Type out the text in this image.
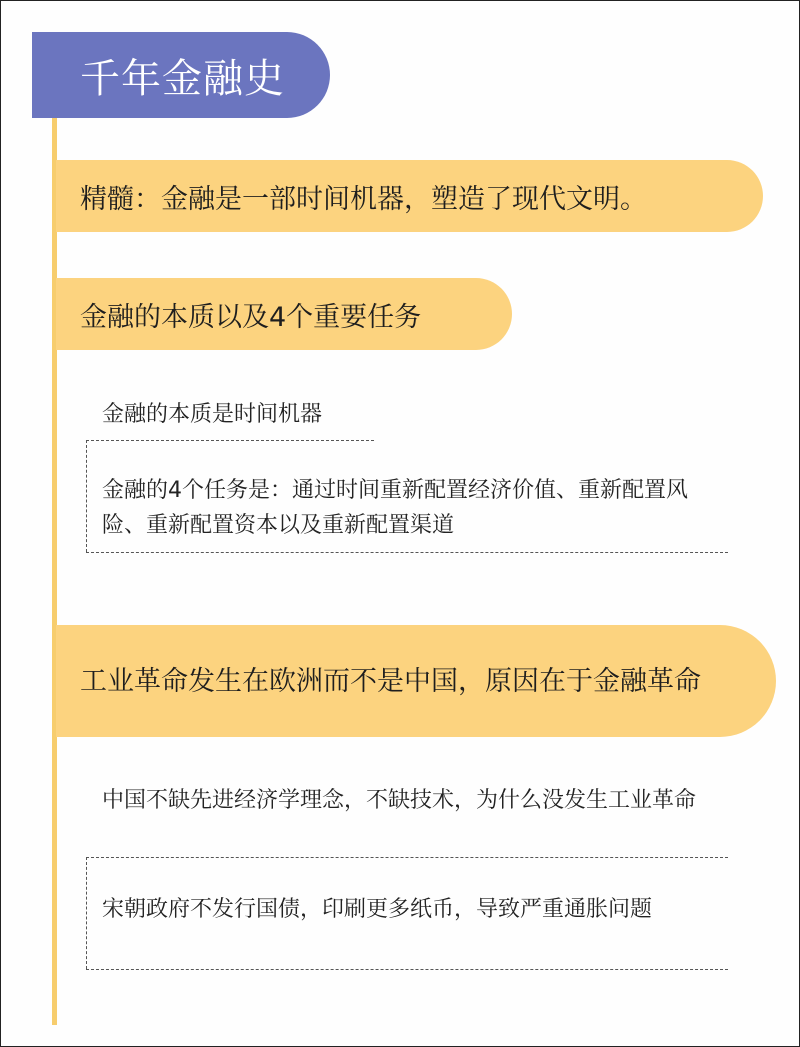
千年金融史
精髓：金融是一部时间机器，塑造了现代文明。
金融的本质以及4个重要任务
金融的本质是时间机器
金融的4个任务是：通过时间重新配置经济价值、重新配置风险、重新配置资本以及重新配置渠道
工业革命发生在欧洲而不是中国，原因在于金融革命
中国不缺先进经济学理念，不缺技术，为什么没发生工业革命
宋朝政府不发行国债，印刷更多纸币，导致严重通胀问题
